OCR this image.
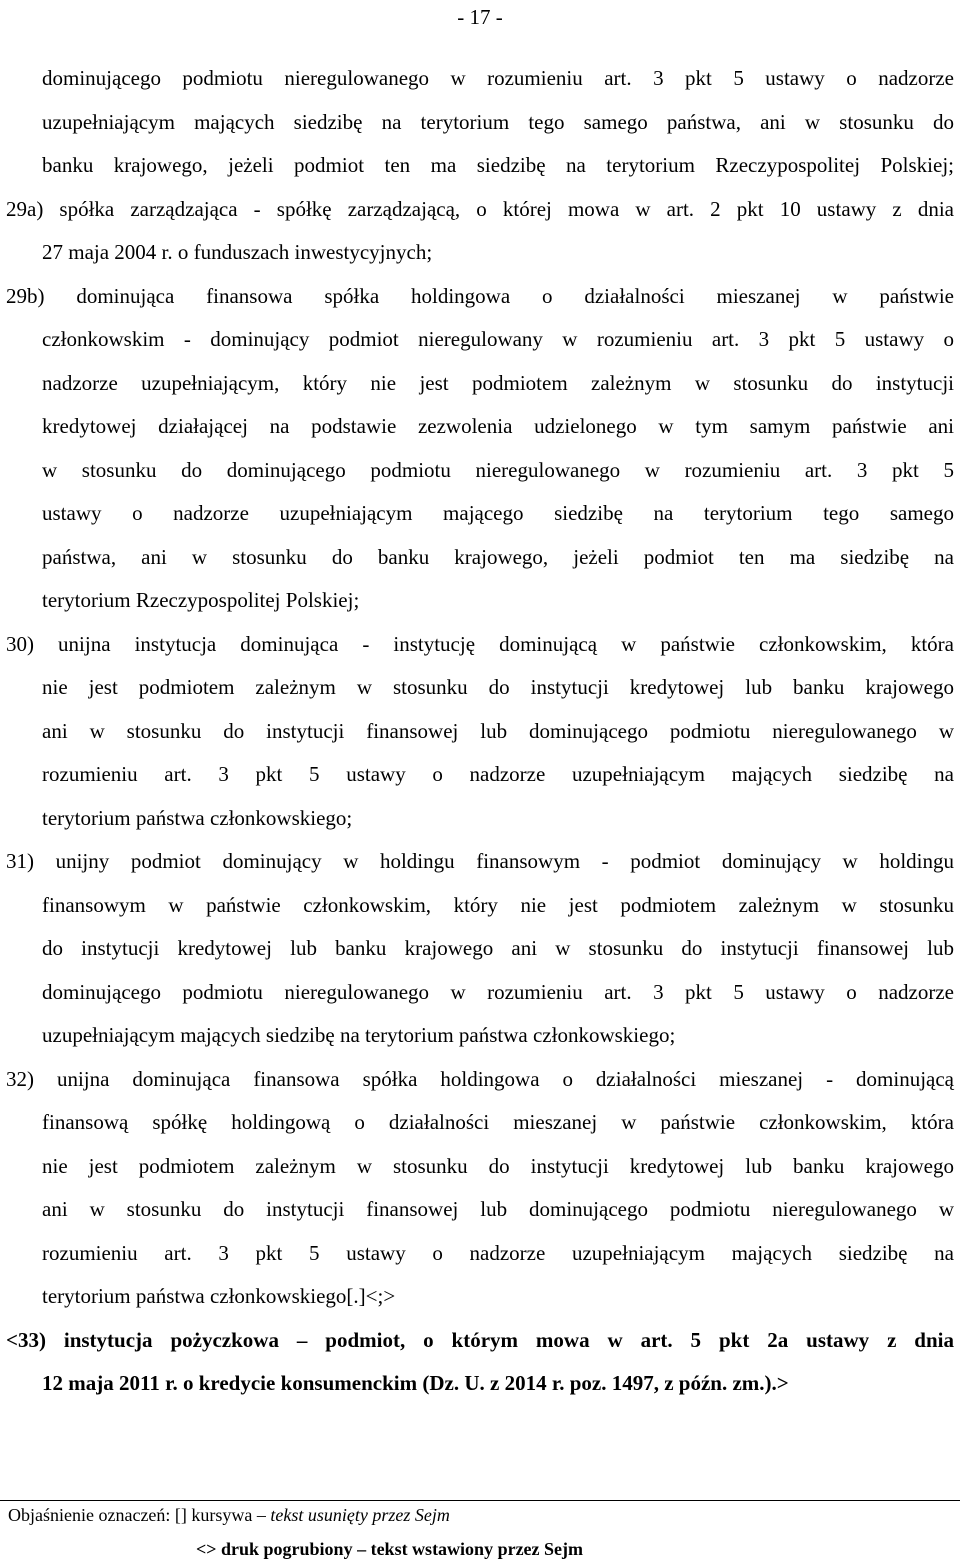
- 17 -
dominującego podmiotu nieregulowanego w rozumieniu art. 3 pkt 5 ustawy o nadzorze
uzupełniającym mających siedzibę na terytorium tego samego państwa, ani w stosunku do
banku krajowego, jeżeli podmiot ten ma siedzibę na terytorium Rzeczypospolitej Polskiej;
29a) spółka zarządzająca - spółkę zarządzającą, o której mowa w art. 2 pkt 10 ustawy z dnia
27 maja 2004 r. o funduszach inwestycyjnych;
29b) dominująca finansowa spółka holdingowa o działalności mieszanej w państwie
członkowskim - dominujący podmiot nieregulowany w rozumieniu art. 3 pkt 5 ustawy o
nadzorze uzupełniającym, który nie jest podmiotem zależnym w stosunku do instytucji
kredytowej działającej na podstawie zezwolenia udzielonego w tym samym państwie ani
w stosunku do dominującego podmiotu nieregulowanego w rozumieniu art. 3 pkt 5
ustawy o nadzorze uzupełniającym mającego siedzibę na terytorium tego samego
państwa, ani w stosunku do banku krajowego, jeżeli podmiot ten ma siedzibę na
terytorium Rzeczypospolitej Polskiej;
30) unijna instytucja dominująca - instytucję dominującą w państwie członkowskim, która
nie jest podmiotem zależnym w stosunku do instytucji kredytowej lub banku krajowego
ani w stosunku do instytucji finansowej lub dominującego podmiotu nieregulowanego w
rozumieniu art. 3 pkt 5 ustawy o nadzorze uzupełniającym mających siedzibę na
terytorium państwa członkowskiego;
31) unijny podmiot dominujący w holdingu finansowym - podmiot dominujący w holdingu
finansowym w państwie członkowskim, który nie jest podmiotem zależnym w stosunku
do instytucji kredytowej lub banku krajowego ani w stosunku do instytucji finansowej lub
dominującego podmiotu nieregulowanego w rozumieniu art. 3 pkt 5 ustawy o nadzorze
uzupełniającym mających siedzibę na terytorium państwa członkowskiego;
32) unijna dominująca finansowa spółka holdingowa o działalności mieszanej - dominującą
finansową spółkę holdingową o działalności mieszanej w państwie członkowskim, która
nie jest podmiotem zależnym w stosunku do instytucji kredytowej lub banku krajowego
ani w stosunku do instytucji finansowej lub dominującego podmiotu nieregulowanego w
rozumieniu art. 3 pkt 5 ustawy o nadzorze uzupełniającym mających siedzibę na
terytorium państwa członkowskiego[.]<;>
<33) instytucja pożyczkowa – podmiot, o którym mowa w art. 5 pkt 2a ustawy z dnia
12 maja 2011 r. o kredycie konsumenckim (Dz. U. z 2014 r. poz. 1497, z późn. zm.).>
Objaśnienie oznaczeń: [] kursywa – tekst usunięty przez Sejm
<> druk pogrubiony – tekst wstawiony przez Sejm
